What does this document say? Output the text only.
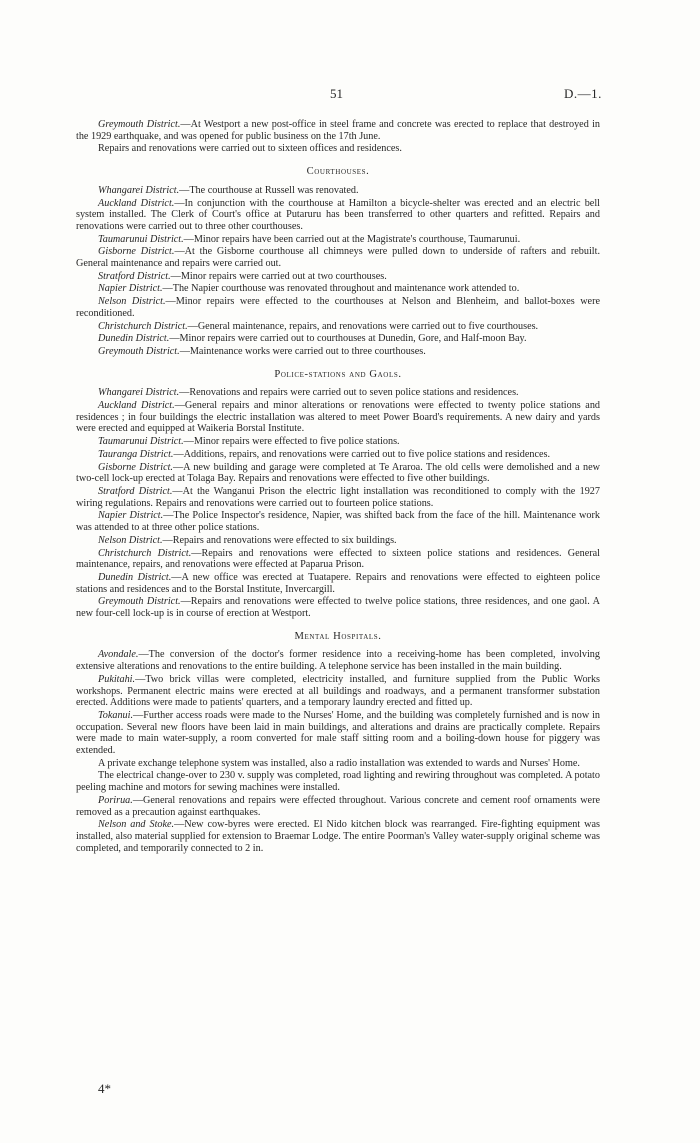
51	D.—1.

Greymouth District.—At Westport a new post-office in steel frame and concrete was erected to replace that destroyed in the 1929 earthquake, and was opened for public business on the 17th June.

Repairs and renovations were carried out to sixteen offices and residences.

Courthouses.

Whangarei District.—The courthouse at Russell was renovated.

Auckland District.—In conjunction with the courthouse at Hamilton a bicycle-shelter was erected and an electric bell system installed. The Clerk of Court's office at Putaruru has been transferred to other quarters and refitted. Repairs and renovations were carried out to three other courthouses.

Taumarunui District.—Minor repairs have been carried out at the Magistrate's courthouse, Taumarunui.

Gisborne District.—At the Gisborne courthouse all chimneys were pulled down to underside of rafters and rebuilt. General maintenance and repairs were carried out.

Stratford District.—Minor repairs were carried out at two courthouses.

Napier District.—The Napier courthouse was renovated throughout and maintenance work attended to.

Nelson District.—Minor repairs were effected to the courthouses at Nelson and Blenheim, and ballot-boxes were reconditioned.

Christchurch District.—General maintenance, repairs, and renovations were carried out to five courthouses.

Dunedin District.—Minor repairs were carried out to courthouses at Dunedin, Gore, and Half-moon Bay.

Greymouth District.—Maintenance works were carried out to three courthouses.

Police-stations and Gaols.

Whangarei District.—Renovations and repairs were carried out to seven police stations and residences.

Auckland District.—General repairs and minor alterations or renovations were effected to twenty police stations and residences ; in four buildings the electric installation was altered to meet Power Board's requirements. A new dairy and yards were erected and equipped at Waikeria Borstal Institute.

Taumarunui District.—Minor repairs were effected to five police stations.

Tauranga District.—Additions, repairs, and renovations were carried out to five police stations and residences.

Gisborne District.—A new building and garage were completed at Te Araroa. The old cells were demolished and a new two-cell lock-up erected at Tolaga Bay. Repairs and renovations were effected to five other buildings.

Stratford District.—At the Wanganui Prison the electric light installation was reconditioned to comply with the 1927 wiring regulations. Repairs and renovations were carried out to fourteen police stations.

Napier District.—The Police Inspector's residence, Napier, was shifted back from the face of the hill. Maintenance work was attended to at three other police stations.

Nelson District.—Repairs and renovations were effected to six buildings.

Christchurch District.—Repairs and renovations were effected to sixteen police stations and residences. General maintenance, repairs, and renovations were effected at Paparua Prison.

Dunedin District.—A new office was erected at Tuatapere. Repairs and renovations were effected to eighteen police stations and residences and to the Borstal Institute, Invercargill.

Greymouth District.—Repairs and renovations were effected to twelve police stations, three residences, and one gaol. A new four-cell lock-up is in course of erection at Westport.

Mental Hospitals.

Avondale.—The conversion of the doctor's former residence into a receiving-home has been completed, involving extensive alterations and renovations to the entire building. A telephone service has been installed in the main building.

Pukitahi.—Two brick villas were completed, electricity installed, and furniture supplied from the Public Works workshops. Permanent electric mains were erected at all buildings and roadways, and a permanent transformer substation erected. Additions were made to patients' quarters, and a temporary laundry erected and fitted up.

Tokanui.—Further access roads were made to the Nurses' Home, and the building was completely furnished and is now in occupation. Several new floors have been laid in main buildings, and alterations and drains are practically complete. Repairs were made to main water-supply, a room converted for male staff sitting room and a boiling-down house for piggery was extended.

A private exchange telephone system was installed, also a radio installation was extended to wards and Nurses' Home.

The electrical change-over to 230 v. supply was completed, road lighting and rewiring throughout was completed. A potato peeling machine and motors for sewing machines were installed.

Porirua.—General renovations and repairs were effected throughout. Various concrete and cement roof ornaments were removed as a precaution against earthquakes.

Nelson and Stoke.—New cow-byres were erected. El Nido kitchen block was rearranged. Fire-fighting equipment was installed, also material supplied for extension to Braemar Lodge. The entire Poorman's Valley water-supply original scheme was completed, and temporarily connected to 2 in.

4*
